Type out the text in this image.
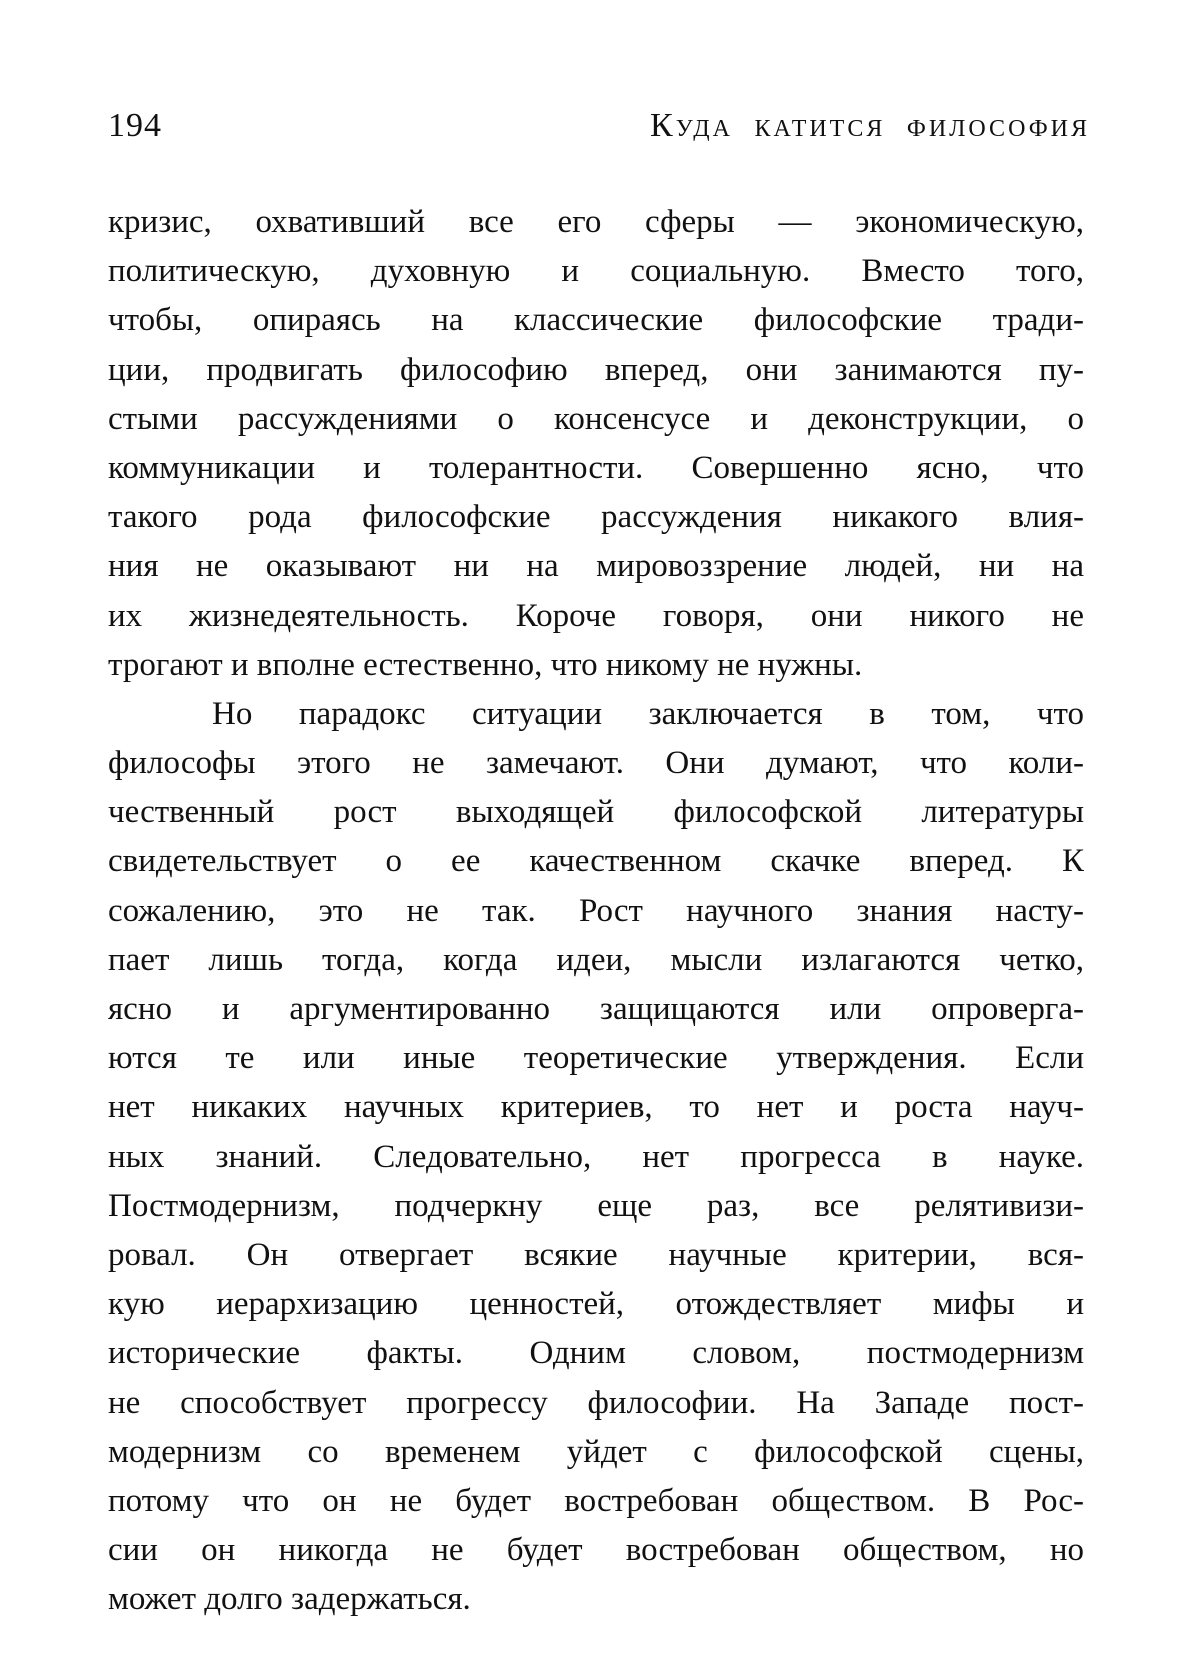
194	Куда катится философия
кризис, охвативший все его сферы — экономическую,
политическую, духовную и социальную. Вместо того,
чтобы, опираясь на классические философские тради-
ции, продвигать философию вперед, они занимаются пу-
стыми рассуждениями о консенсусе и деконструкции, о
коммуникации и толерантности. Совершенно ясно, что
такого рода философские рассуждения никакого влия-
ния не оказывают ни на мировоззрение людей, ни на
их жизнедеятельность. Короче говоря, они никого не
трогают и вполне естественно, что никому не нужны.
Но парадокс ситуации заключается в том, что
философы этого не замечают. Они думают, что коли-
чественный рост выходящей философской литературы
свидетельствует о ее качественном скачке вперед. К
сожалению, это не так. Рост научного знания насту-
пает лишь тогда, когда идеи, мысли излагаются четко,
ясно и аргументированно защищаются или опроверга-
ются те или иные теоретические утверждения. Если
нет никаких научных критериев, то нет и роста науч-
ных знаний. Следовательно, нет прогресса в науке.
Постмодернизм, подчеркну еще раз, все релятивизи-
ровал. Он отвергает всякие научные критерии, вся-
кую иерархизацию ценностей, отождествляет мифы и
исторические факты. Одним словом, постмодернизм
не способствует прогрессу философии. На Западе пост-
модернизм со временем уйдет с философской сцены,
потому что он не будет востребован обществом. В Рос-
сии он никогда не будет востребован обществом, но
может долго задержаться.
